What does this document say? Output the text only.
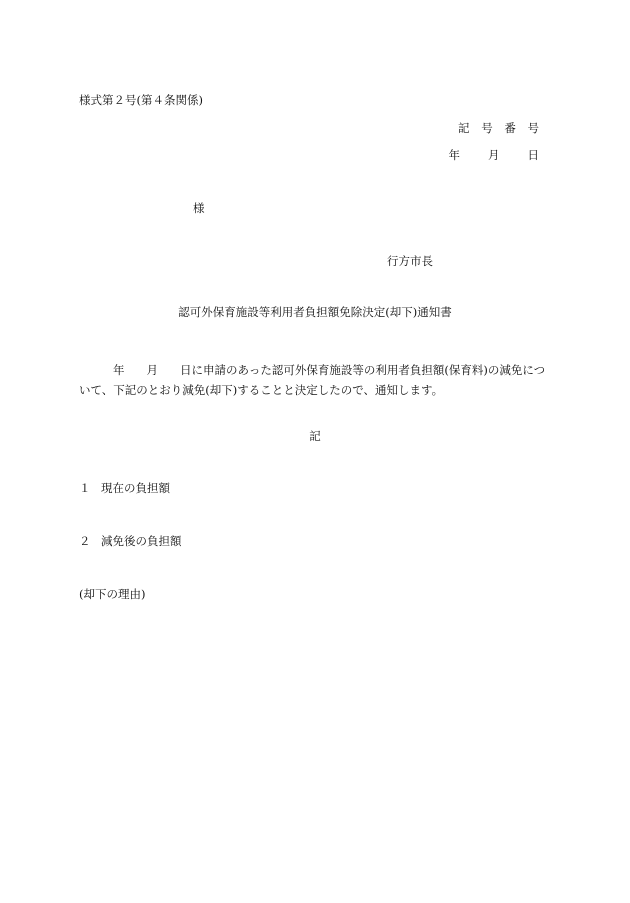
様式第２号(第４条関係)
記 号 番 号
年 月 日
様
行方市長
認可外保育施設等利用者負担額免除決定(却下)通知書
年 月 日に申請のあった認可外保育施設等の利用者負担額(保育料)の減免について、下記のとおり減免(却下)することと決定したので、通知します。
記
１ 現在の負担額
２ 減免後の負担額
(却下の理由)
